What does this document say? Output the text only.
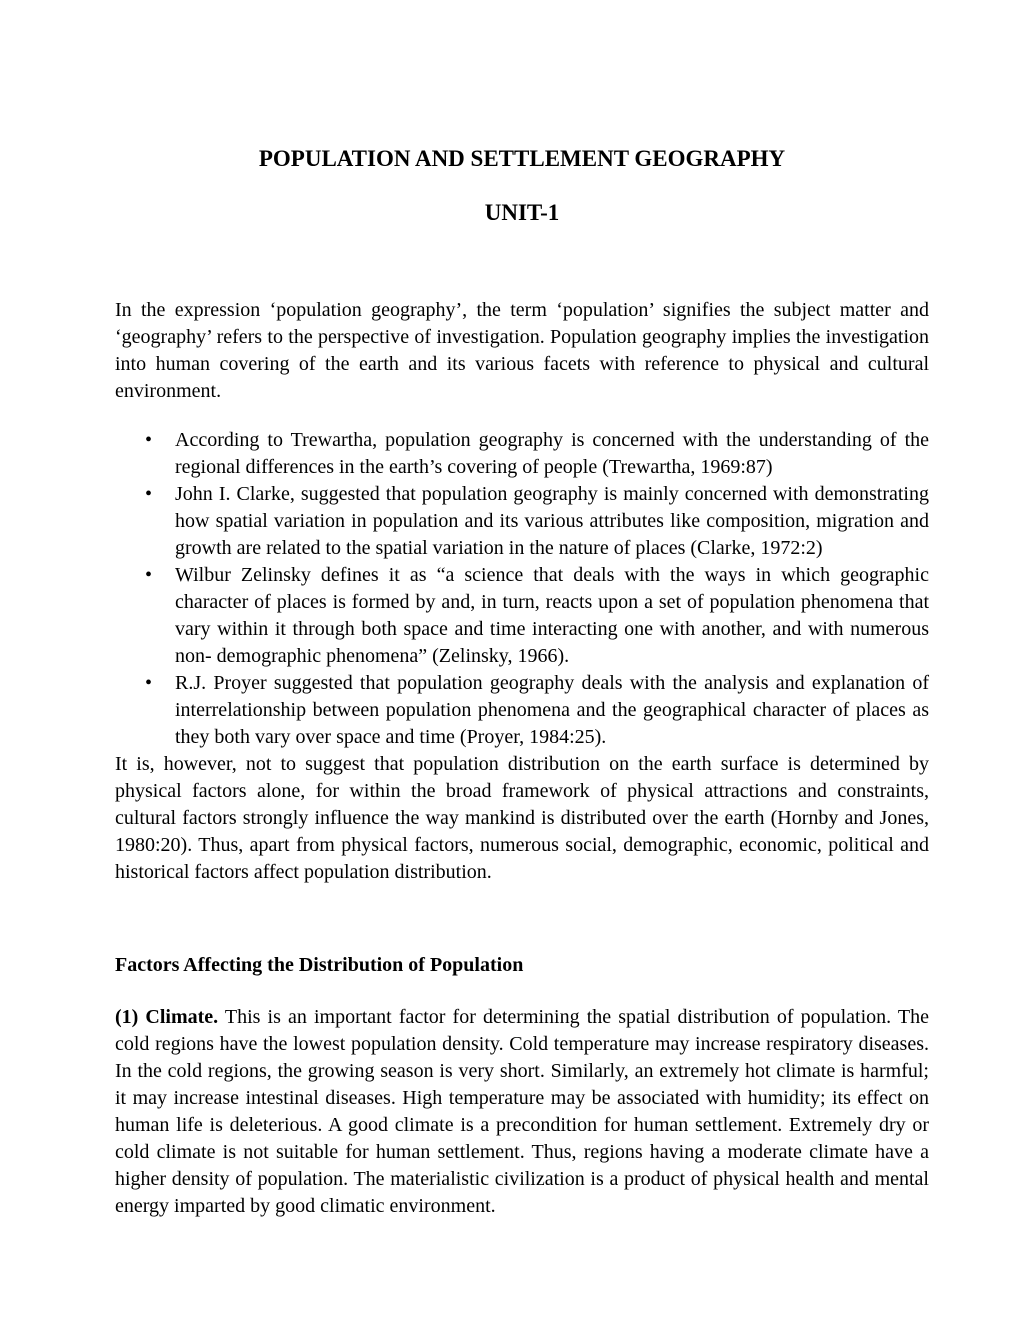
POPULATION AND SETTLEMENT GEOGRAPHY
UNIT-1

In the expression ‘population geography’, the term ‘population’ signifies the subject matter and ‘geography’ refers to the perspective of investigation. Population geography implies the investigation into human covering of the earth and its various facets with reference to physical and cultural environment.

• According to Trewartha, population geography is concerned with the understanding of the regional differences in the earth’s covering of people (Trewartha, 1969:87)
• John I. Clarke, suggested that population geography is mainly concerned with demonstrating how spatial variation in population and its various attributes like composition, migration and growth are related to the spatial variation in the nature of places (Clarke, 1972:2)
• Wilbur Zelinsky defines it as “a science that deals with the ways in which geographic character of places is formed by and, in turn, reacts upon a set of population phenomena that vary within it through both space and time interacting one with another, and with numerous non- demographic phenomena” (Zelinsky, 1966).
• R.J. Proyer suggested that population geography deals with the analysis and explanation of interrelationship between population phenomena and the geographical character of places as they both vary over space and time (Proyer, 1984:25).

It is, however, not to suggest that population distribution on the earth surface is determined by physical factors alone, for within the broad framework of physical attractions and constraints, cultural factors strongly influence the way mankind is distributed over the earth (Hornby and Jones, 1980:20). Thus, apart from physical factors, numerous social, demographic, economic, political and historical factors affect population distribution.

Factors Affecting the Distribution of Population

(1) Climate. This is an important factor for determining the spatial distribution of population. The cold regions have the lowest population density. Cold temperature may increase respiratory diseases. In the cold regions, the growing season is very short. Similarly, an extremely hot climate is harmful; it may increase intestinal diseases. High temperature may be associated with humidity; its effect on human life is deleterious. A good climate is a precondition for human settlement. Extremely dry or cold climate is not suitable for human settlement. Thus, regions having a moderate climate have a higher density of population. The materialistic civilization is a product of physical health and mental energy imparted by good climatic environment.
